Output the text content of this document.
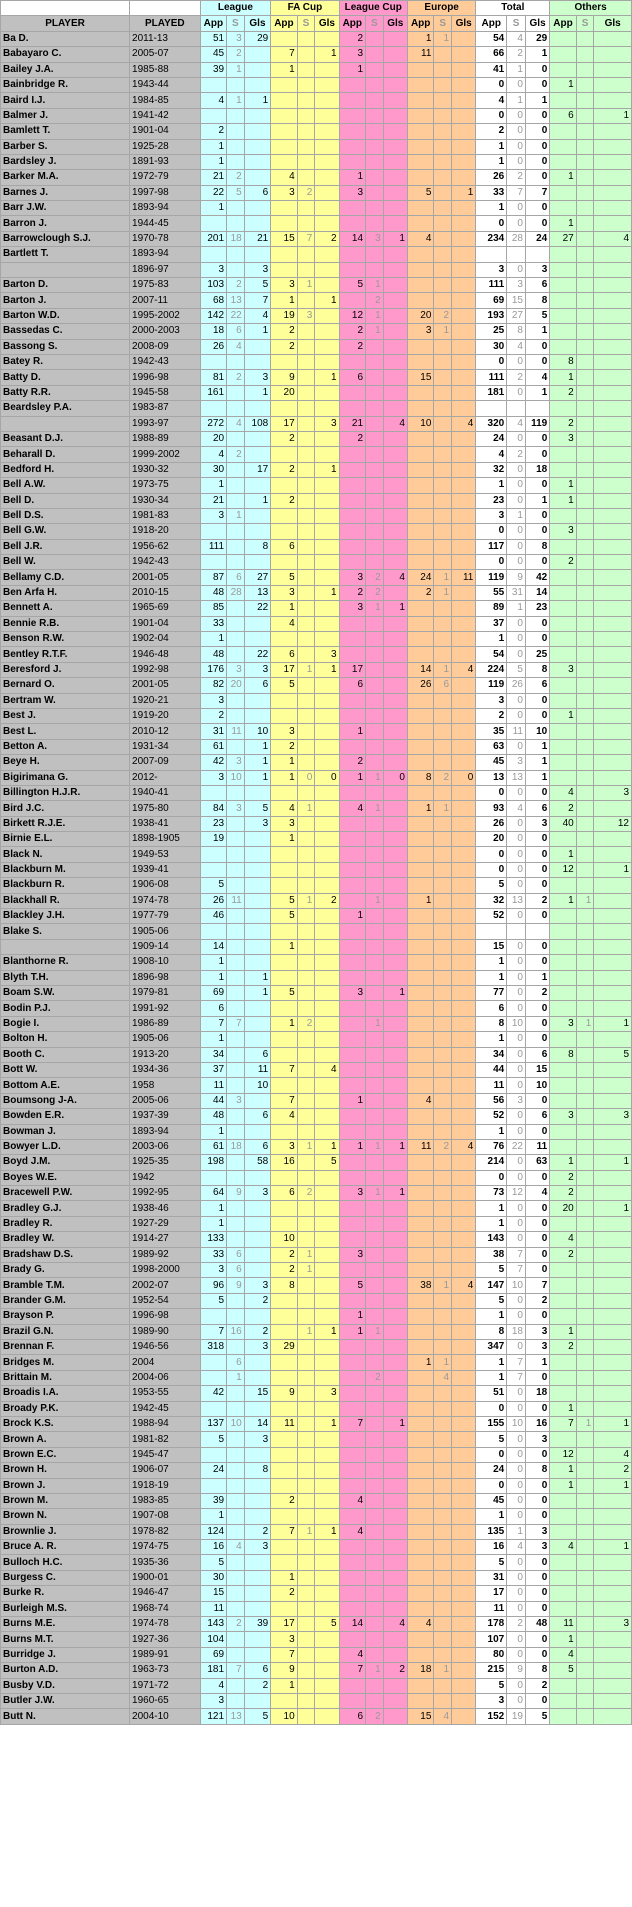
		League			FA Cup			League Cup			Europe			Total			Others		
PLAYER	PLAYED	App	S	Gls	App	S	Gls	App	S	Gls	App	S	Gls	App	S	Gls	App	S	Gls
Ba D.	2011-13	51	3	29				2			1	1		54	4	29			
Babayaro C.	2005-07	45	2		7		1	3			11			66	2	1			
Bailey J.A.	1985-88	39	1		1			1						41	1	0			
Bainbridge R.	1943-44													0	0	0	1		
Baird I.J.	1984-85	4	1	1										4	1	1			
Balmer J.	1941-42													0	0	0	6		1
Bamlett T.	1901-04	2												2	0	0			
Barber S.	1925-28	1												1	0	0			
Bardsley J.	1891-93	1												1	0	0			
Barker M.A.	1972-79	21	2		4			1						26	2	0	1		
Barnes J.	1997-98	22	5	6	3	2		3			5		1	33	7	7			
Barr J.W.	1893-94	1												1	0	0			
Barron J.	1944-45													0	0	0	1		
Barrowclough S.J.	1970-78	201	18	21	15	7	2	14	3	1	4			234	28	24	27		4
Bartlett T.	1893-94																		
	1896-97	3		3										3	0	3			
Barton D.	1975-83	103	2	5	3	1		5	1					111	3	6			
Barton J.	2007-11	68	13	7	1		1		2					69	15	8			
Barton W.D.	1995-2002	142	22	4	19	3		12	1		20	2		193	27	5			
Bassedas C.	2000-2003	18	6	1	2			2	1		3	1		25	8	1			
Bassong S.	2008-09	26	4		2			2						30	4	0			
Batey R.	1942-43													0	0	0	8		
Batty D.	1996-98	81	2	3	9		1	6			15			111	2	4	1		
Batty R.R.	1945-58	161		1	20									181	0	1	2		
Beardsley P.A.	1983-87																		
	1993-97	272	4	108	17		3	21		4	10		4	320	4	119	2		
Beasant D.J.	1988-89	20			2			2						24	0	0	3		
Beharall D.	1999-2002	4	2											4	2	0			
Bedford H.	1930-32	30		17	2		1							32	0	18			
Bell A.W.	1973-75	1												1	0	0	1		
Bell D.	1930-34	21		1	2									23	0	1	1		
Bell D.S.	1981-83	3	1											3	1	0			
Bell G.W.	1918-20													0	0	0	3		
Bell J.R.	1956-62	111		8	6									117	0	8			
Bell W.	1942-43													0	0	0	2		
Bellamy C.D.	2001-05	87	6	27	5			3	2	4	24	1	11	119	9	42			
Ben Arfa H.	2010-15	48	28	13	3		1	2	2		2	1		55	31	14			
Bennett A.	1965-69	85		22	1			3	1	1				89	1	23			
Bennie R.B.	1901-04	33			4									37	0	0			
Benson R.W.	1902-04	1												1	0	0			
Bentley R.T.F.	1946-48	48		22	6		3							54	0	25			
Beresford J.	1992-98	176	3	3	17	1	1	17			14	1	4	224	5	8	3		
Bernard O.	2001-05	82	20	6	5			6			26	6		119	26	6			
Bertram W.	1920-21	3												3	0	0			
Best J.	1919-20	2												2	0	0	1		
Best L.	2010-12	31	11	10	3			1						35	11	10			
Betton A.	1931-34	61		1	2									63	0	1			
Beye H.	2007-09	42	3	1	1			2						45	3	1			
Bigirimana G.	2012-	3	10	1	1	0	0	1	1	0	8	2	0	13	13	1			
Billington H.J.R.	1940-41													0	0	0	4		3
Bird J.C.	1975-80	84	3	5	4	1		4	1		1	1		93	4	6	2		
Birkett R.J.E.	1938-41	23		3	3									26	0	3	40		12
Birnie E.L.	1898-1905	19			1									20	0	0			
Black N.	1949-53													0	0	0	1		
Blackburn M.	1939-41													0	0	0	12		1
Blackburn R.	1906-08	5												5	0	0			
Blackhall R.	1974-78	26	11		5	1	2		1		1			32	13	2	1	1	
Blackley J.H.	1977-79	46			5			1						52	0	0			
Blake S.	1905-06																		
	1909-14	14			1									15	0	0			
Blanthorne R.	1908-10	1												1	0	0			
Blyth T.H.	1896-98	1		1										1	0	1			
Boam S.W.	1979-81	69		1	5			3		1				77	0	2			
Bodin P.J.	1991-92	6												6	0	0			
Bogie I.	1986-89	7	7		1	2			1					8	10	0	3	1	1
Bolton H.	1905-06	1												1	0	0			
Booth C.	1913-20	34		6										34	0	6	8		5
Bott W.	1934-36	37		11	7		4							44	0	15			
Bottom A.E.	1958	11		10										11	0	10			
Boumsong J-A.	2005-06	44	3		7			1			4			56	3	0			
Bowden E.R.	1937-39	48		6	4									52	0	6	3		3
Bowman J.	1893-94	1												1	0	0			
Bowyer L.D.	2003-06	61	18	6	3	1	1	1	1	1	11	2	4	76	22	11			
Boyd J.M.	1925-35	198		58	16		5							214	0	63	1		1
Boyes W.E.	1942													0	0	0	2		
Bracewell P.W.	1992-95	64	9	3	6	2		3	1	1				73	12	4	2		
Bradley G.J.	1938-46	1												1	0	0	20		1
Bradley R.	1927-29	1												1	0	0			
Bradley W.	1914-27	133			10									143	0	0	4		
Bradshaw D.S.	1989-92	33	6		2	1		3						38	7	0	2		
Brady G.	1998-2000	3	6		2	1								5	7	0			
Bramble T.M.	2002-07	96	9	3	8			5			38	1	4	147	10	7			
Brander G.M.	1952-54	5		2										5	0	2			
Brayson P.	1996-98							1						1	0	0			
Brazil G.N.	1989-90	7	16	2		1	1	1	1					8	18	3	1		
Brennan F.	1946-56	318		3	29									347	0	3	2		
Bridges M.	2004		6								1	1		1	7	1			
Brittain M.	2004-06		1						2			4		1	7	0			
Broadis I.A.	1953-55	42		15	9		3							51	0	18			
Broady P.K.	1942-45													0	0	0	1		
Brock K.S.	1988-94	137	10	14	11		1	7		1				155	10	16	7	1	1
Brown A.	1981-82	5		3										5	0	3			
Brown E.C.	1945-47													0	0	0	12		4
Brown H.	1906-07	24		8										24	0	8	1		2
Brown J.	1918-19													0	0	0	1		1
Brown M.	1983-85	39			2			4						45	0	0			
Brown N.	1907-08	1												1	0	0			
Brownlie J.	1978-82	124		2	7	1	1	4						135	1	3			
Bruce A. R.	1974-75	16	4	3										16	4	3	4		1
Bulloch H.C.	1935-36	5												5	0	0			
Burgess C.	1900-01	30			1									31	0	0			
Burke R.	1946-47	15			2									17	0	0			
Burleigh M.S.	1968-74	11												11	0	0			
Burns M.E.	1974-78	143	2	39	17		5	14		4	4			178	2	48	11		3
Burns M.T.	1927-36	104			3									107	0	0	1		
Burridge J.	1989-91	69			7			4						80	0	0	4		
Burton A.D.	1963-73	181	7	6	9			7	1	2	18	1		215	9	8	5		
Busby V.D.	1971-72	4		2	1									5	0	2			
Butler J.W.	1960-65	3												3	0	0			
Butt N.	2004-10	121	13	5	10			6	2		15	4		152	19	5			
